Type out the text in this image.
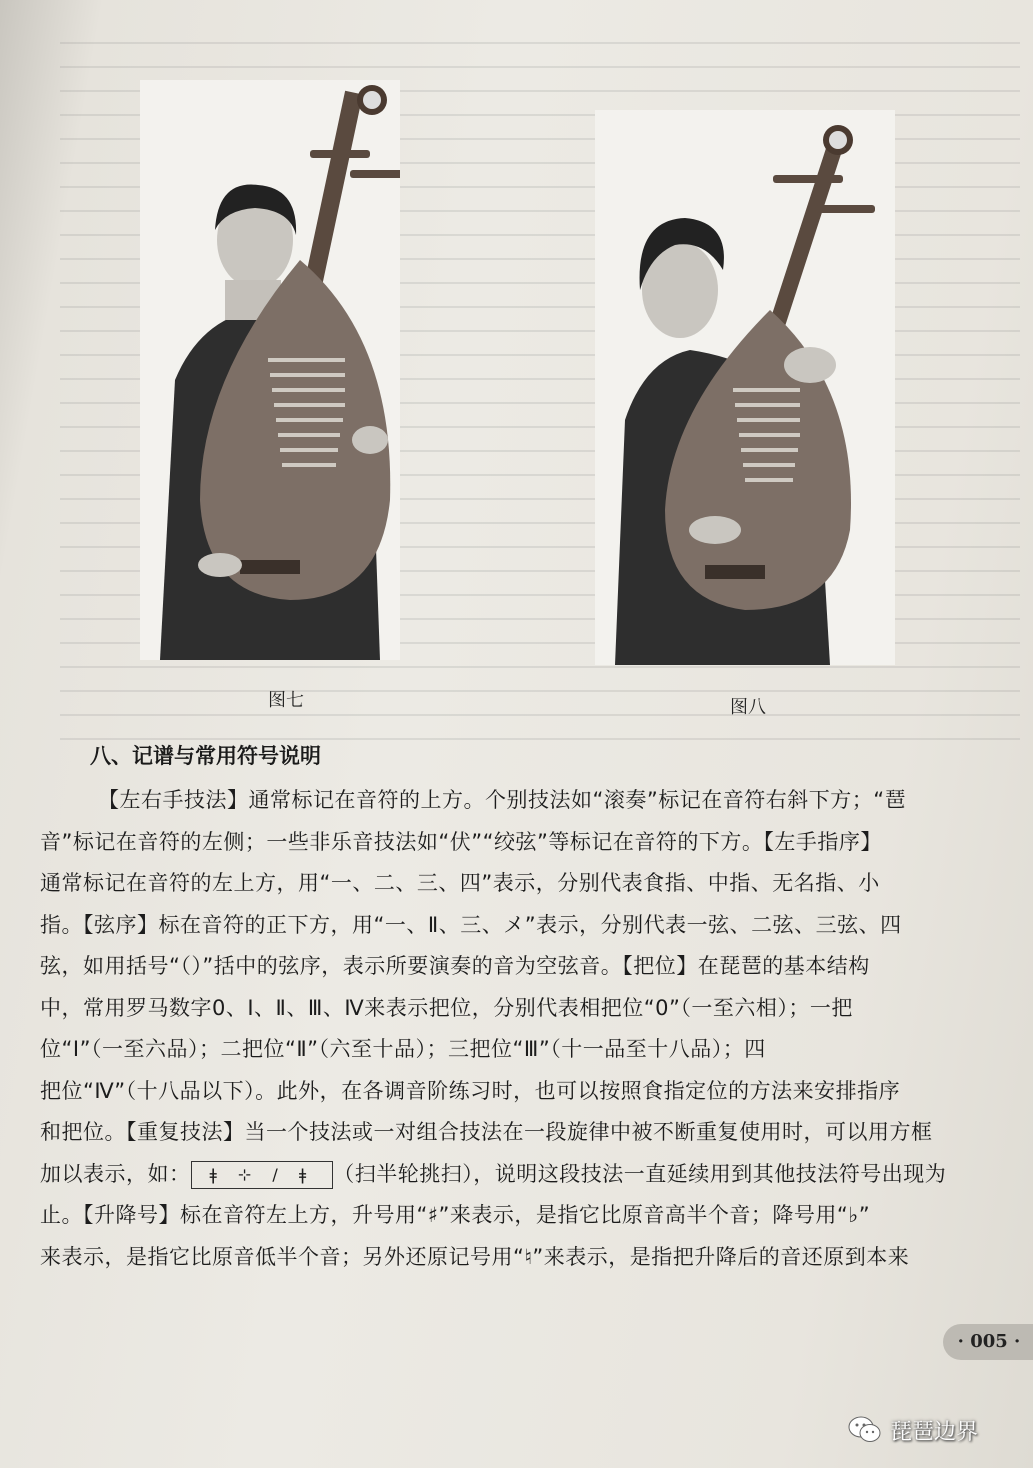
图七	图八
八、记谱与常用符号说明
【左右手技法】通常标记在音符的上方。个别技法如“滚奏”标记在音符右斜下方；“琶
音”标记在音符的左侧；一些非乐音技法如“伏”“绞弦”等标记在音符的下方。【左手指序】
通常标记在音符的左上方，用“一、二、三、四”表示，分别代表食指、中指、无名指、小
指。【弦序】标在音符的正下方，用“一、Ⅱ、三、メ”表示，分别代表一弦、二弦、三弦、四
弦，如用括号“（）”括中的弦序，表示所要演奏的音为空弦音。【把位】在琵琶的基本结构
中，常用罗马数字0、Ⅰ、Ⅱ、Ⅲ、Ⅳ来表示把位，分别代表相把位“0”（一至六相）；一把
位“Ⅰ”（一至六品）；二把位“Ⅱ”（六至十品）；三把位“Ⅲ”（十一品至十八品）；四
把位“Ⅳ”（十八品以下）。此外，在各调音阶练习时，也可以按照食指定位的方法来安排指序
和把位。【重复技法】当一个技法或一对组合技法在一段旋律中被不断重复使用时，可以用方框
加以表示，如： ǂ ⊹ / ǂ （扫半轮挑扫），说明这段技法一直延续用到其他技法符号出现为
止。【升降号】标在音符左上方，升号用“♯”来表示，是指它比原音高半个音；降号用“♭”
来表示，是指它比原音低半个音；另外还原记号用“♮”来表示，是指把升降后的音还原到本来
· 005 ·
琵琶边界
